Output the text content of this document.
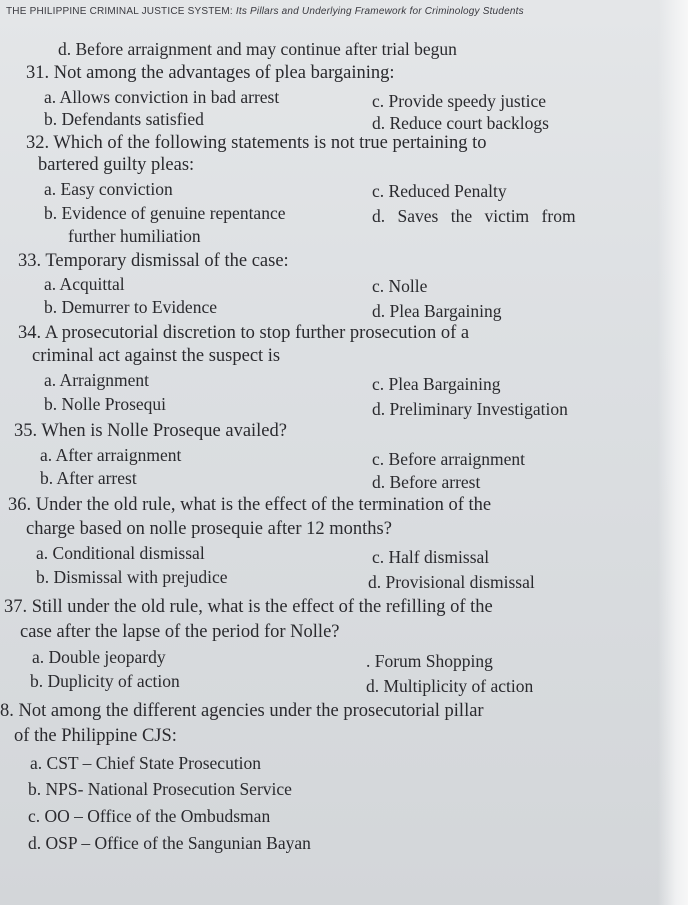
THE PHILIPPINE CRIMINAL JUSTICE SYSTEM: Its Pillars and Underlying Framework for Criminology Students
d. Before arraignment and may continue after trial begun
31. Not among the advantages of plea bargaining:
a. Allows conviction in bad arrest	c. Provide speedy justice
b. Defendants satisfied	d. Reduce court backlogs
32. Which of the following statements is not true pertaining to
bartered guilty pleas:
a. Easy conviction	c. Reduced Penalty
b. Evidence of genuine repentance	d. Saves the victim from
further humiliation
33. Temporary dismissal of the case:
a. Acquittal	c. Nolle
b. Demurrer to Evidence	d. Plea Bargaining
34. A prosecutorial discretion to stop further prosecution of a
criminal act against the suspect is
a. Arraignment	c. Plea Bargaining
b. Nolle Prosequi	d. Preliminary Investigation
35. When is Nolle Proseque availed?
a. After arraignment	c. Before arraignment
b. After arrest	d. Before arrest
36. Under the old rule, what is the effect of the termination of the
charge based on nolle prosequie after 12 months?
a. Conditional dismissal	c. Half dismissal
b. Dismissal with prejudice	d. Provisional dismissal
37. Still under the old rule, what is the effect of the refilling of the
case after the lapse of the period for Nolle?
a. Double jeopardy	. Forum Shopping
b. Duplicity of action	d. Multiplicity of action
8. Not among the different agencies under the prosecutorial pillar
of the Philippine CJS:
a. CST – Chief State Prosecution
b. NPS- National Prosecution Service
c. OO – Office of the Ombudsman
d. OSP – Office of the Sangunian Bayan
